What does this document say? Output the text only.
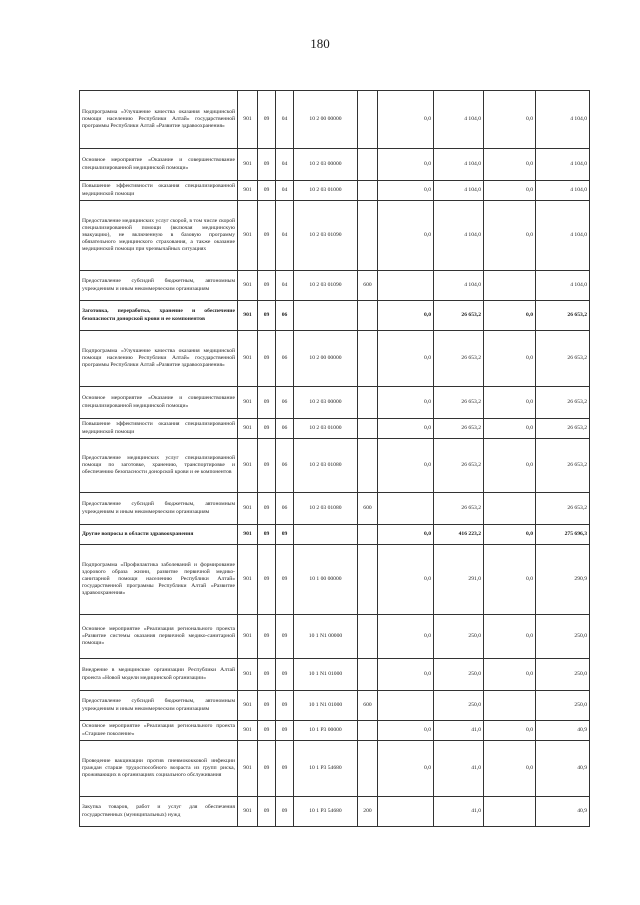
180
Подпрограмма «Улучшение качества оказания медицинской помощи населению Республики Алтай» государственной программы Республики Алтай «Развитие здравоохранения»	901	09	04	10 2 00 00000		0,0	4 104,0	0,0	4 104,0
Основное мероприятие «Оказание и совершенствование специализированной медицинской помощи»	901	09	04	10 2 03 00000		0,0	4 104,0	0,0	4 104,0
Повышение эффективности оказания специализированной медицинской помощи	901	09	04	10 2 03 01000		0,0	4 104,0	0,0	4 104,0
Предоставление медицинских услуг скорой, в том числе скорой специализированной помощи (включая медицинскую эвакуацию), не включенную в базовую программу обязательного медицинского страхования, а также оказание медицинской помощи при чрезвычайных ситуациях	901	09	04	10 2 03 01090		0,0	4 104,0	0,0	4 104,0
Предоставление субсидий бюджетным, автономным учреждениям и иным некоммерческим организациям	901	09	04	10 2 03 01090	600		4 104,0		4 104,0
Заготовка, переработка, хранение и обеспечение безопасности донорской крови и ее компонентов	901	09	06			0,0	26 653,2	0,0	26 653,2
Подпрограмма «Улучшение качества оказания медицинской помощи населению Республики Алтай» государственной программы Республики Алтай «Развитие здравоохранения»	901	09	06	10 2 00 00000		0,0	26 653,2	0,0	26 653,2
Основное мероприятие «Оказание и совершенствование специализированной медицинской помощи»	901	09	06	10 2 03 00000		0,0	26 653,2	0,0	26 653,2
Повышение эффективности оказания специализированной медицинской помощи	901	09	06	10 2 03 01000		0,0	26 653,2	0,0	26 653,2
Предоставление медицинских услуг специализированной помощи по заготовке, хранению, транспортировке и обеспечению безопасности донорской крови и ее компонентов	901	09	06	10 2 03 01080		0,0	26 653,2	0,0	26 653,2
Предоставление субсидий бюджетным, автономным учреждениям и иным некоммерческим организациям	901	09	06	10 2 03 01080	600		26 653,2		26 653,2
Другие вопросы в области здравоохранения	901	09	09			0,0	416 223,2	0,0	275 696,3
Подпрограмма «Профилактика заболеваний и формирование здорового образа жизни, развитие первичной медико-санитарной помощи населению Республики Алтай» государственной программы Республики Алтай «Развитие здравоохранения»	901	09	09	10 1 00 00000		0,0	291,0	0,0	290,9
Основное мероприятие «Реализация регионального проекта «Развитие системы оказания первичной медико-санитарной помощи»	901	09	09	10 1 N1 00000		0,0	250,0	0,0	250,0
Внедрение в медицинские организации Республики Алтай проекта «Новой модели медицинской организации»	901	09	09	10 1 N1 01000		0,0	250,0	0,0	250,0
Предоставление субсидий бюджетным, автономным учреждениям и иным некоммерческим организациям	901	09	09	10 1 N1 01000	600		250,0		250,0
Основное мероприятие «Реализация регионального проекта «Старшее поколение»	901	09	09	10 1 P3 00000		0,0	41,0	0,0	40,9
Проведение вакцинации против пневмококковой инфекции граждан старше трудоспособного возраста из групп риска, проживающих в организациях социального обслуживания	901	09	09	10 1 P3 54680		0,0	41,0	0,0	40,9
Закупка товаров, работ и услуг для обеспечения государственных (муниципальных) нужд	901	09	09	10 1 P3 54680	200		41,0		40,9
